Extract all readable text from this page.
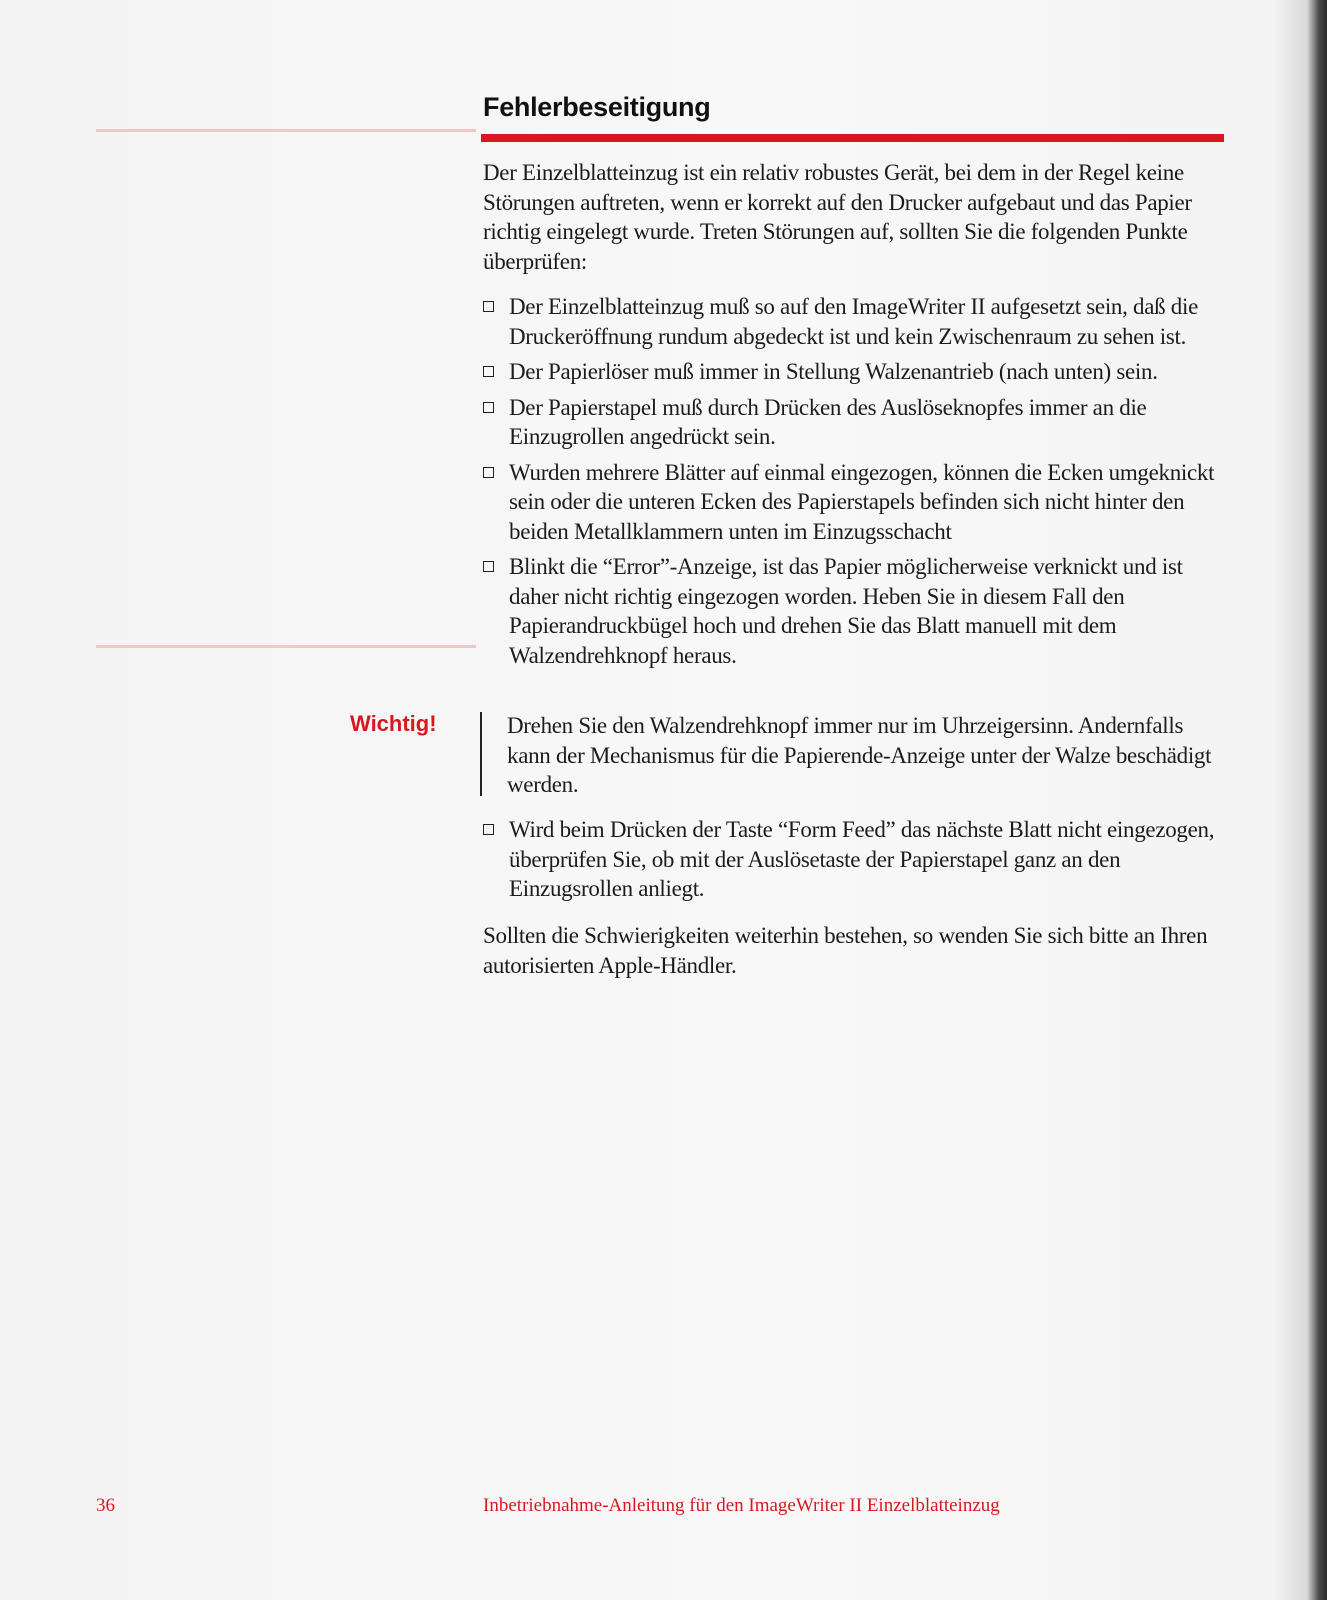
Fehlerbeseitigung
Der Einzelblatteinzug ist ein relativ robustes Gerät, bei dem in der Regel keine Störungen auftreten, wenn er korrekt auf den Drucker aufgebaut und das Papier richtig eingelegt wurde. Treten Störungen auf, sollten Sie die folgenden Punkte überprüfen:
Der Einzelblatteinzug muß so auf den ImageWriter II aufgesetzt sein, daß die Druckeröffnung rundum abgedeckt ist und kein Zwischenraum zu sehen ist.
Der Papierlöser muß immer in Stellung Walzenantrieb (nach unten) sein.
Der Papierstapel muß durch Drücken des Auslöseknopfes immer an die Einzugrollen angedrückt sein.
Wurden mehrere Blätter auf einmal eingezogen, können die Ecken umgeknickt sein oder die unteren Ecken des Papierstapels befinden sich nicht hinter den beiden Metallklammern unten im Einzugsschacht
Blinkt die “Error”-Anzeige, ist das Papier möglicherweise verknickt und ist daher nicht richtig eingezogen worden. Heben Sie in diesem Fall den Papierandruckbügel hoch und drehen Sie das Blatt manuell mit dem Walzendrehknopf heraus.
Wichtig!	Drehen Sie den Walzendrehknopf immer nur im Uhrzeigersinn. Andernfalls kann der Mechanismus für die Papierende-Anzeige unter der Walze beschädigt werden.
Wird beim Drücken der Taste “Form Feed” das nächste Blatt nicht eingezogen, überprüfen Sie, ob mit der Auslösetaste der Papierstapel ganz an den Einzugsrollen anliegt.
Sollten die Schwierigkeiten weiterhin bestehen, so wenden Sie sich bitte an Ihren autorisierten Apple-Händler.
36	Inbetriebnahme-Anleitung für den ImageWriter II Einzelblatteinzug
